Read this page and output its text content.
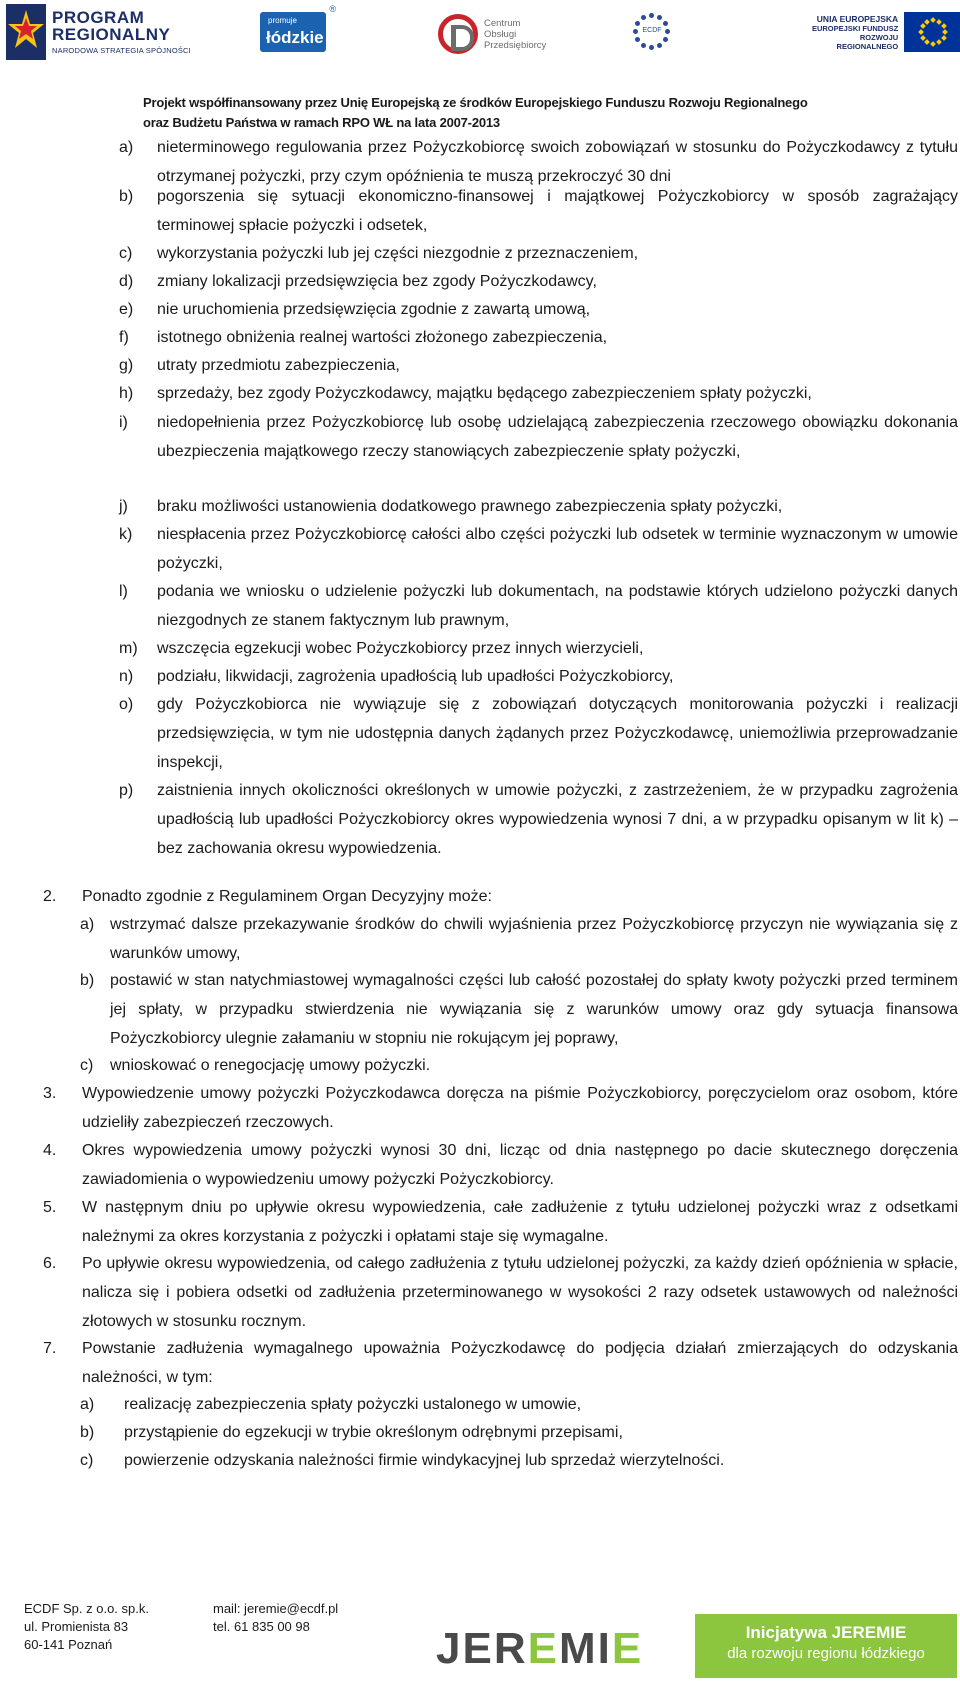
PROGRAM
REGIONALNY
NARODOWA STRATEGIA SPÓJNOŚCI
promuje
łódzkie
®
Centrum
Obsługi
Przedsiębiorcy
ECDF
UNIA EUROPEJSKA
EUROPEJSKI FUNDUSZ
ROZWOJU REGIONALNEGO
Projekt współfinansowany przez Unię Europejską ze środków Europejskiego Funduszu Rozwoju Regionalnego
oraz Budżetu Państwa w ramach RPO WŁ na lata 2007-2013
a) nieterminowego regulowania przez Pożyczkobiorcę swoich zobowiązań w stosunku do Pożyczkodawcy z tytułu otrzymanej pożyczki, przy czym opóźnienia te muszą przekroczyć 30 dni
b) pogorszenia się sytuacji ekonomiczno-finansowej i majątkowej Pożyczkobiorcy w sposób zagrażający terminowej spłacie pożyczki i odsetek,
c) wykorzystania pożyczki lub jej części niezgodnie z przeznaczeniem,
d) zmiany lokalizacji przedsięwzięcia bez zgody Pożyczkodawcy,
e) nie uruchomienia przedsięwzięcia zgodnie z zawartą umową,
f) istotnego obniżenia realnej wartości złożonego zabezpieczenia,
g) utraty przedmiotu zabezpieczenia,
h) sprzedaży, bez zgody Pożyczkodawcy, majątku będącego zabezpieczeniem spłaty pożyczki,
i) niedopełnienia przez Pożyczkobiorcę lub osobę udzielającą zabezpieczenia rzeczowego obowiązku dokonania ubezpieczenia majątkowego rzeczy stanowiących zabezpieczenie spłaty pożyczki,
j) braku możliwości ustanowienia dodatkowego prawnego zabezpieczenia spłaty pożyczki,
k) niespłacenia przez Pożyczkobiorcę całości albo części pożyczki lub odsetek w terminie wyznaczonym w umowie pożyczki,
l) podania we wniosku o udzielenie pożyczki lub dokumentach, na podstawie których udzielono pożyczki danych niezgodnych ze stanem faktycznym lub prawnym,
m) wszczęcia egzekucji wobec Pożyczkobiorcy przez innych wierzycieli,
n) podziału, likwidacji, zagrożenia upadłością lub upadłości Pożyczkobiorcy,
o) gdy Pożyczkobiorca nie wywiązuje się z zobowiązań dotyczących monitorowania pożyczki i realizacji przedsięwzięcia, w tym nie udostępnia danych żądanych przez Pożyczkodawcę, uniemożliwia przeprowadzanie inspekcji,
p) zaistnienia innych okoliczności określonych w umowie pożyczki, z zastrzeżeniem, że w przypadku zagrożenia upadłością lub upadłości Pożyczkobiorcy okres wypowiedzenia wynosi 7 dni, a w przypadku opisanym w lit k) – bez zachowania okresu wypowiedzenia.
2. Ponadto zgodnie z Regulaminem Organ Decyzyjny może:
a) wstrzymać dalsze przekazywanie środków do chwili wyjaśnienia przez Pożyczkobiorcę przyczyn nie wywiązania się z warunków umowy,
b) postawić w stan natychmiastowej wymagalności części lub całość pozostałej do spłaty kwoty pożyczki przed terminem jej spłaty, w przypadku stwierdzenia nie wywiązania się z warunków umowy oraz gdy sytuacja finansowa Pożyczkobiorcy ulegnie załamaniu w stopniu nie rokującym jej poprawy,
c) wnioskować o renegocjację umowy pożyczki.
3. Wypowiedzenie umowy pożyczki Pożyczkodawca doręcza na piśmie Pożyczkobiorcy, poręczycielom oraz osobom, które udzieliły zabezpieczeń rzeczowych.
4. Okres wypowiedzenia umowy pożyczki wynosi 30 dni, licząc od dnia następnego po dacie skutecznego doręczenia zawiadomienia o wypowiedzeniu umowy pożyczki Pożyczkobiorcy.
5. W następnym dniu po upływie okresu wypowiedzenia, całe zadłużenie z tytułu udzielonej pożyczki wraz z odsetkami należnymi za okres korzystania z pożyczki i opłatami staje się wymagalne.
6. Po upływie okresu wypowiedzenia, od całego zadłużenia z tytułu udzielonej pożyczki, za każdy dzień opóźnienia w spłacie, nalicza się i pobiera odsetki od zadłużenia przeterminowanego w wysokości 2 razy odsetek ustawowych od należności złotowych w stosunku rocznym.
7. Powstanie zadłużenia wymagalnego upoważnia Pożyczkodawcę do podjęcia działań zmierzających do odzyskania należności, w tym:
a) realizację zabezpieczenia spłaty pożyczki ustalonego w umowie,
b) przystąpienie do egzekucji w trybie określonym odrębnymi przepisami,
c) powierzenie odzyskania należności firmie windykacyjnej lub sprzedaż wierzytelności.
ECDF Sp. z o.o. sp.k.
ul. Promienista 83
60-141 Poznań
mail: jeremie@ecdf.pl
tel. 61 835 00 98	JEREMIE	Inicjatywa JEREMIE
dla rozwoju regionu łódzkiego
